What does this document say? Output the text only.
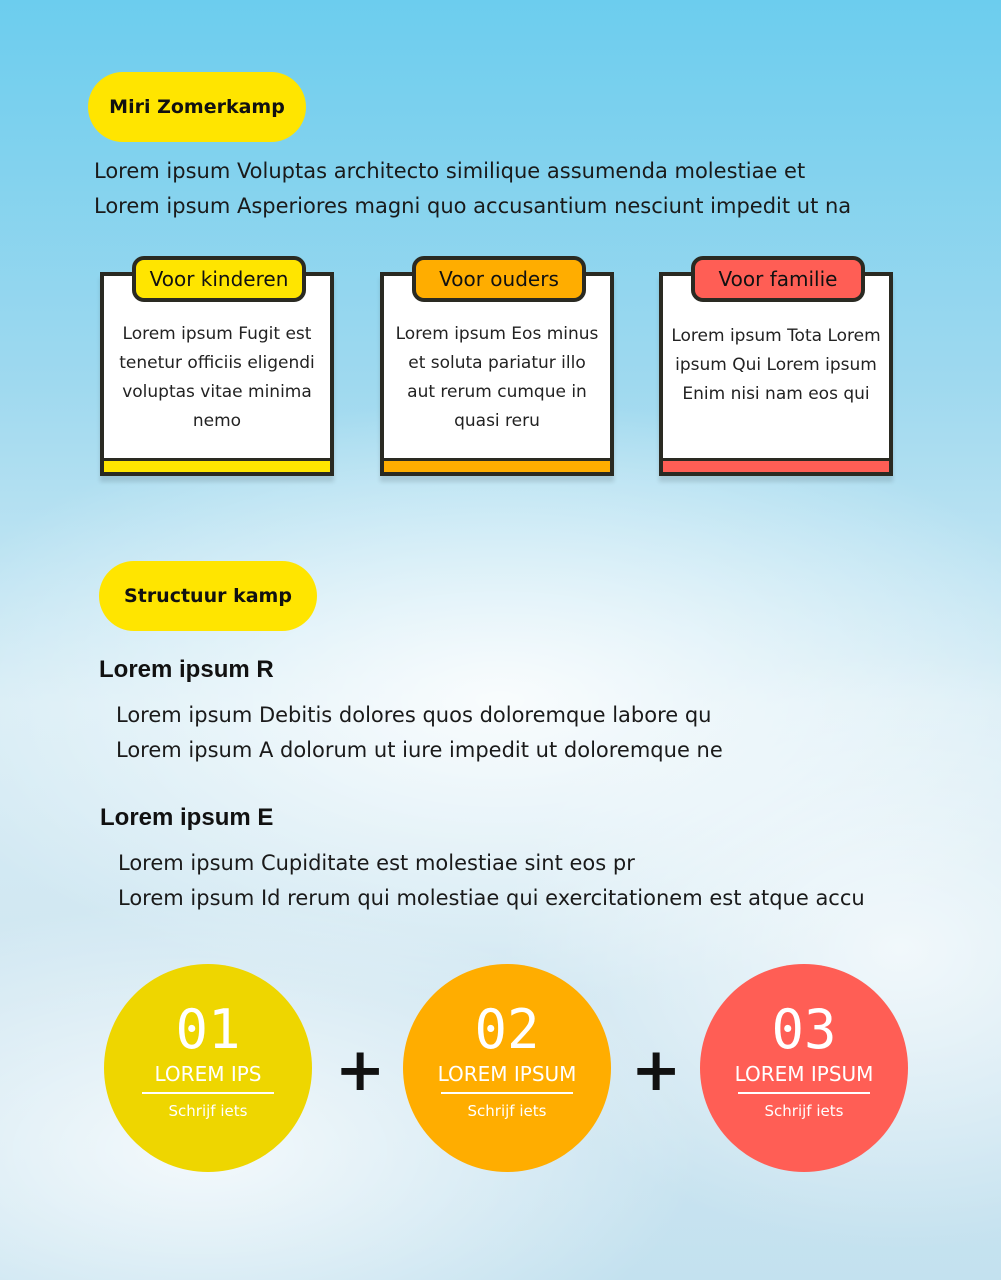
Miri Zomerkamp
Lorem ipsum Voluptas architecto similique assumenda molestiae et
Lorem ipsum Asperiores magni quo accusantium nesciunt impedit ut na
Voor kinderen
Lorem ipsum Fugit est tenetur officiis eligendi voluptas vitae minima nemo
Voor ouders
Lorem ipsum Eos minus et soluta pariatur illo aut rerum cumque in quasi reru
Voor familie
Lorem ipsum Tota Lorem ipsum Qui Lorem ipsum Enim nisi nam eos qui
Structuur kamp
Lorem ipsum R
Lorem ipsum Debitis dolores quos doloremque labore qu
Lorem ipsum A dolorum ut iure impedit ut doloremque ne
Lorem ipsum E
Lorem ipsum Cupiditate est molestiae sint eos pr
Lorem ipsum Id rerum qui molestiae qui exercitationem est atque accu
01
LOREM IPS
Schrijf iets
+
02
LOREM IPSUM
Schrijf iets
+
03
LOREM IPSUM
Schrijf iets
